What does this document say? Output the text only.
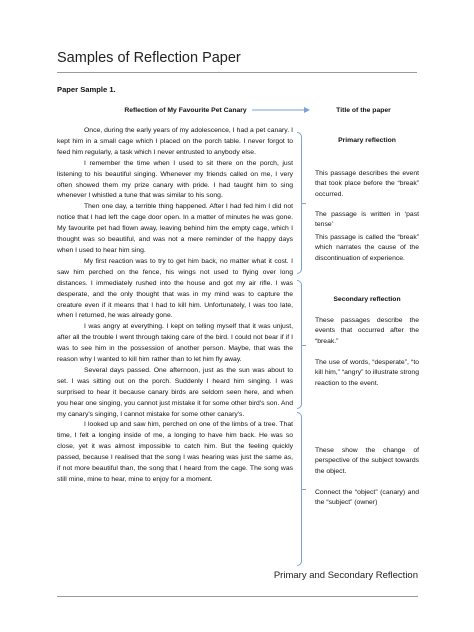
Samples of Reflection Paper
Paper Sample 1.
Reflection of My Favourite Pet Canary	Title of the paper

Once, during the early years of my adolescence, I had a pet canary. I kept him in a small cage which I placed on the porch table. I never forgot to feed him regularly, a task which I never entrusted to anybody else.

I remember the time when I used to sit there on the porch, just listening to his beautiful singing. Whenever my friends called on me, I very often showed them my prize canary with pride. I had taught him to sing whenever I whistled a tune that was similar to his song.

Then one day, a terrible thing happened. After I had fed him I did not notice that I had left the cage door open. In a matter of minutes he was gone. My favourite pet had flown away, leaving behind him the empty cage, which I thought was so beautiful, and was not a mere reminder of the happy days when I used to hear him sing.

My first reaction was to try to get him back, no matter what it cost. I saw him perched on the fence, his wings not used to flying over long distances. I immediately rushed into the house and got my air rifle. I was desperate, and the only thought that was in my mind was to capture the creature even if it means that I had to kill him. Unfortunately, I was too late, when I returned, he was already gone.

I was angry at everything. I kept on telling myself that it was unjust, after all the trouble I went through taking care of the bird. I could not bear if if I was to see him in the possession of another person. Maybe, that was the reason why I wanted to kill him rather than to let him fly away.

Several days passed. One afternoon, just as the sun was about to set. I was sitting out on the porch. Suddenly I heard him singing. I was surprised to hear it because canary birds are seldom seen here, and when you hear one singing, you cannot just mistake it for some other bird's son. And my canary's singing, I cannot mistake for some other canary's.

I looked up and saw him, perched on one of the limbs of a tree. That time, I felt a longing inside of me, a longing to have him back. He was so close, yet it was almost impossible to catch him. But the feeling quickly passed, because I realised that the song I was hearing was just the same as, if not more beautiful than, the song that I heard from the cage. The song was still mine, mine to hear, mine to enjoy for a moment.

Primary reflection

This passage describes the event that took place before the “break” occurred.

The passage is written in ‘past tense’

This passage is called the “break” which narrates the cause of the discontinuation of experience.

Secondary reflection

These passages describe the events that occurred after the “break.”

The use of words, “desperate”, “to kill him,” “angry” to illustrate strong reaction to the event.

These show the change of perspective of the subject towards the object.

Connect the “object” (canary) and the “subject” (owner)

Primary and Secondary Reflection
